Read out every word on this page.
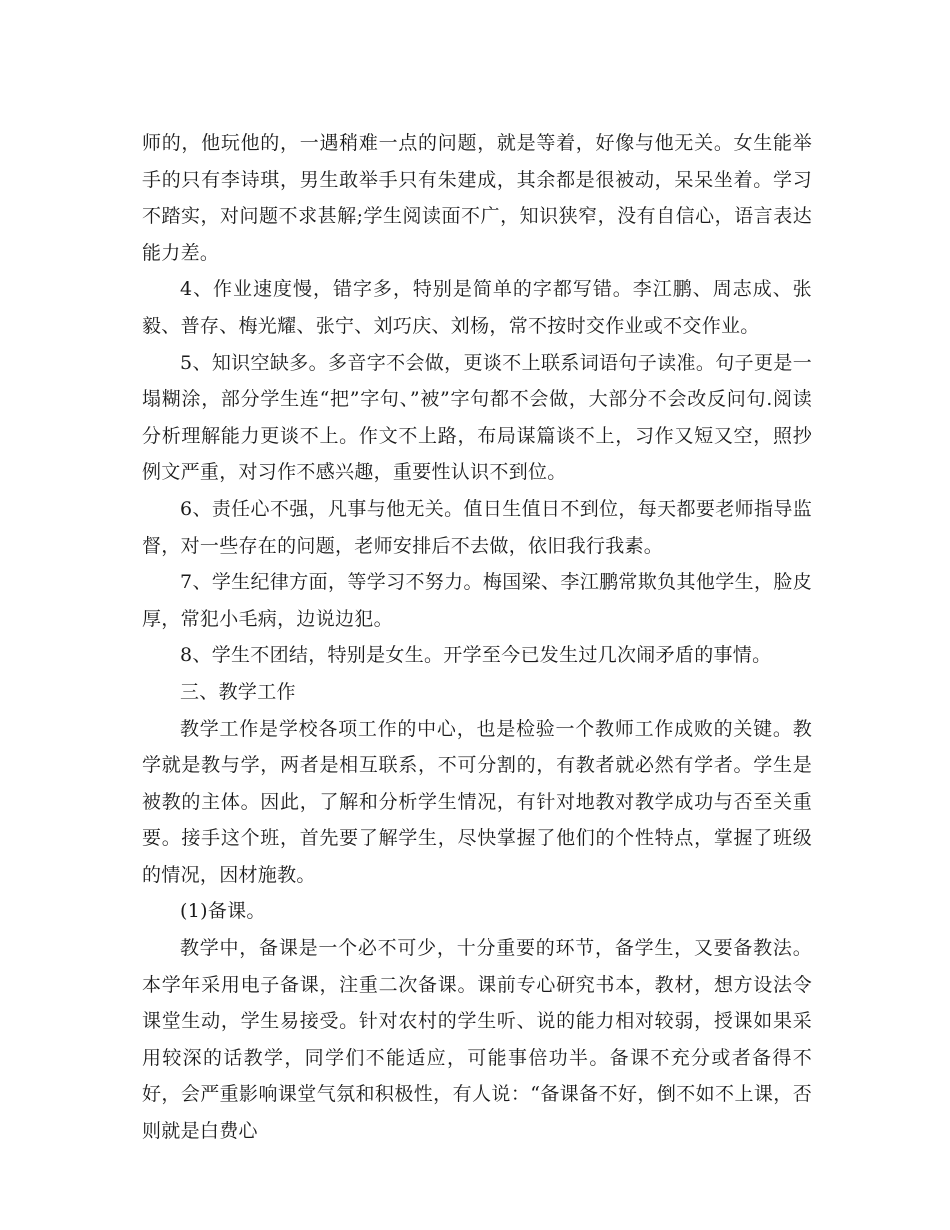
师的，他玩他的，一遇稍难一点的问题，就是等着，好像与他无关。女生能举手的只有李诗琪，男生敢举手只有朱建成，其余都是很被动，呆呆坐着。学习不踏实，对问题不求甚解;学生阅读面不广，知识狭窄，没有自信心，语言表达能力差。

4、作业速度慢，错字多，特别是简单的字都写错。李江鹏、周志成、张毅、普存、梅光耀、张宁、刘巧庆、刘杨，常不按时交作业或不交作业。

5、知识空缺多。多音字不会做，更谈不上联系词语句子读准。句子更是一塌糊涂，部分学生连“把”字句、”被”字句都不会做，大部分不会改反问句.阅读分析理解能力更谈不上。作文不上路，布局谋篇谈不上，习作又短又空，照抄例文严重，对习作不感兴趣，重要性认识不到位。

6、责任心不强，凡事与他无关。值日生值日不到位，每天都要老师指导监督，对一些存在的问题，老师安排后不去做，依旧我行我素。

7、学生纪律方面，等学习不努力。梅国梁、李江鹏常欺负其他学生，脸皮厚，常犯小毛病，边说边犯。

8、学生不团结，特别是女生。开学至今已发生过几次闹矛盾的事情。

三、教学工作

教学工作是学校各项工作的中心，也是检验一个教师工作成败的关键。教学就是教与学，两者是相互联系，不可分割的，有教者就必然有学者。学生是被教的主体。因此，了解和分析学生情况，有针对地教对教学成功与否至关重要。接手这个班，首先要了解学生，尽快掌握了他们的个性特点，掌握了班级的情况，因材施教。

(1)备课。

教学中，备课是一个必不可少，十分重要的环节，备学生，又要备教法。本学年采用电子备课，注重二次备课。课前专心研究书本，教材，想方设法令课堂生动，学生易接受。针对农村的学生听、说的能力相对较弱，授课如果采用较深的话教学，同学们不能适应，可能事倍功半。备课不充分或者备得不好，会严重影响课堂气氛和积极性，有人说：“备课备不好，倒不如不上课，否则就是白费心
